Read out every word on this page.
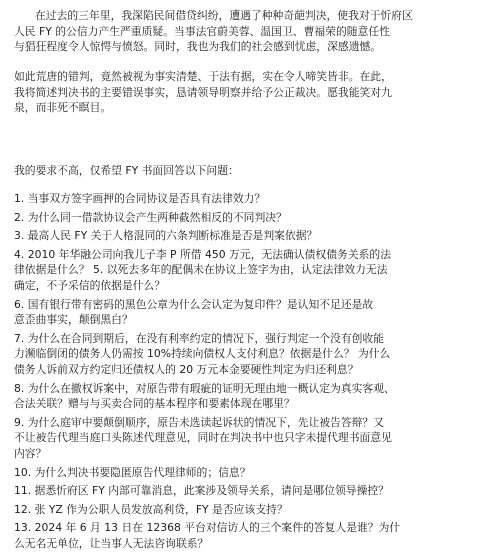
在过去的三年里，我深陷民间借贷纠纷，遭遇了种种奇葩判决，使我对于忻府区
人民 FY 的公信力产生严重质疑。当事法官蔚美蓉、温国卫、曹福荣的随意任性
与猖狂程度令人惊愕与愤怒。同时，我也为我们的社会感到忧虑，深感遗憾。

如此荒唐的错判，竟然被视为事实清楚、于法有据，实在令人啼笑皆非。在此，
我将简述判决书的主要错误事实，恳请领导明察并给予公正裁决。愿我能笑对九
泉，而非死不瞑目。

我的要求不高，仅希望 FY 书面回答以下问题：

1. 当事双方签字画押的合同协议是否具有法律效力？
2. 为什么同一借款协议会产生两种截然相反的不同判决？
3. 最高人民 FY 关于人格混同的六条判断标准是否是判案依据？
4. 2010 年华融公司向我儿子李 P 所借 450 万元，无法确认债权债务关系的法
律依据是什么？ 5. 以死去多年的配偶未在协议上签字为由，认定法律效力无法
确定，不予采信的依据是什么？
6. 国有银行带有密码的黑色公章为什么会认定为复印件？是认知不足还是故
意歪曲事实，颠倒黑白？
7. 为什么在合同到期后，在没有利率约定的情况下，强行判定一个没有创收能
力濒临倒闭的债务人仍需按 10%持续向债权人支付利息？依据是什么？ 为什么
债务人诉前双方约定归还债权人的 20 万元本金要硬性判定为归还利息？
8. 为什么在撤权诉案中，对原告带有瑕疵的证明无理由地一概认定为真实客观、
合法关联？赠与与买卖合同的基本程序和要素体现在哪里？
9. 为什么庭审中要颠倒顺序，原告未选读起诉状的情况下，先让被告答辩？又
不让被告代理当庭口头陈述代理意见，同时在判决书中也只字未提代理书面意见
内容？
10. 为什么判决书要隐匿原告代理律师的；信息？
11. 据悉忻府区 FY 内部可靠消息，此案涉及领导关系，请问是哪位领导操控？
12. 张 YZ 作为公职人员发放高利贷，FY 是否应该支持？
13. 2024 年 6 月 13 日在 12368 平台对信访人的三个案件的答复人是谁？为什
么无名无单位，让当事人无法咨询联系？
